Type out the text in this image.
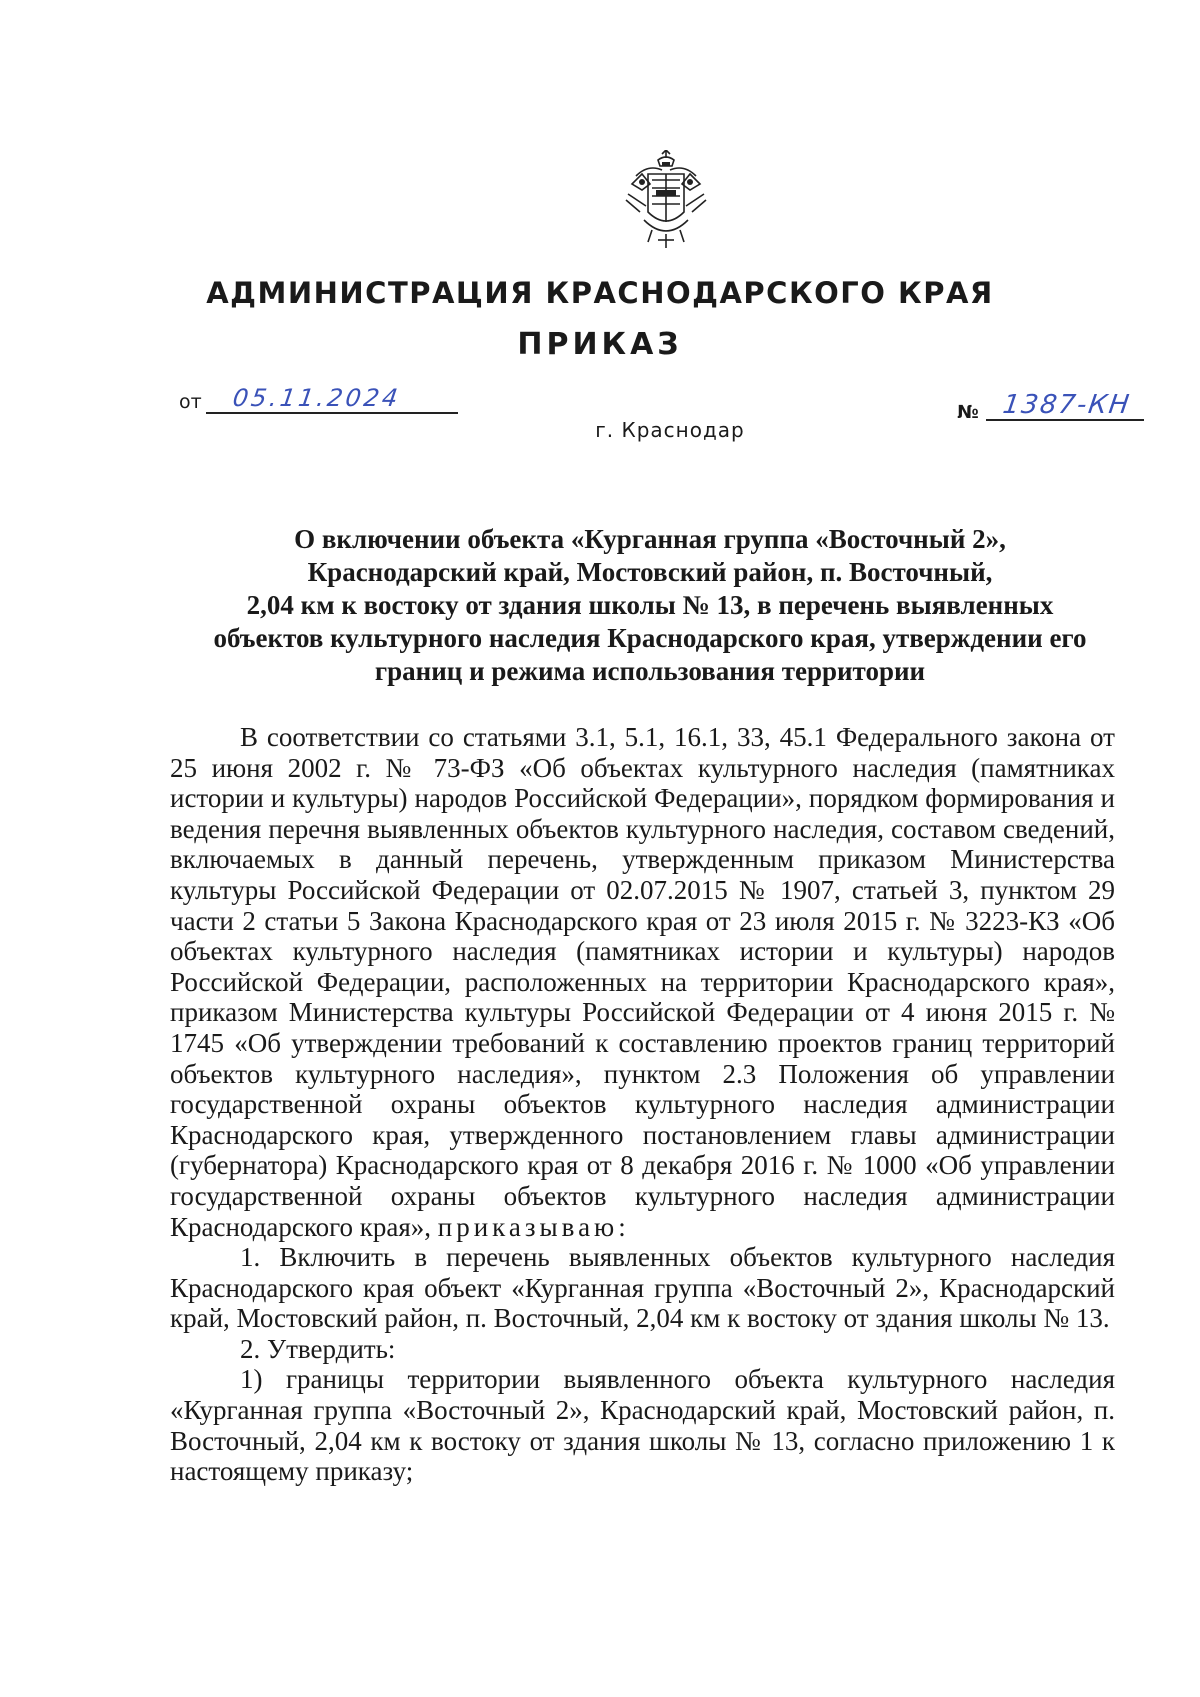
АДМИНИСТРАЦИЯ КРАСНОДАРСКОГО КРАЯ
ПРИКАЗ
от 05.11.2024
г. Краснодар
№ 1387-КН
О включении объекта «Курганная группа «Восточный 2»,
Краснодарский край, Мостовский район, п. Восточный,
2,04 км к востоку от здания школы № 13, в перечень выявленных
объектов культурного наследия Краснодарского края, утверждении его
границ и режима использования территории

В соответствии со статьями 3.1, 5.1, 16.1, 33, 45.1 Федерального закона от 25 июня 2002 г. № 73-ФЗ «Об объектах культурного наследия (памятниках истории и культуры) народов Российской Федерации», порядком формирования и ведения перечня выявленных объектов культурного наследия, составом сведений, включаемых в данный перечень, утвержденным приказом Министерства культуры Российской Федерации от 02.07.2015 № 1907, статьей 3, пунктом 29 части 2 статьи 5 Закона Краснодарского края от 23 июля 2015 г. № 3223-КЗ «Об объектах культурного наследия (памятниках истории и культуры) народов Российской Федерации, расположенных на территории Краснодарского края», приказом Министерства культуры Российской Федерации от 4 июня 2015 г. № 1745 «Об утверждении требований к составлению проектов границ территорий объектов культурного наследия», пунктом 2.3 Положения об управлении государственной охраны объектов культурного наследия администрации Краснодарского края, утвержденного постановлением главы администрации (губернатора) Краснодарского края от 8 декабря 2016 г. № 1000 «Об управлении государственной охраны объектов культурного наследия администрации Краснодарского края», приказываю:

1. Включить в перечень выявленных объектов культурного наследия Краснодарского края объект «Курганная группа «Восточный 2», Краснодарский край, Мостовский район, п. Восточный, 2,04 км к востоку от здания школы № 13.

2. Утвердить:

1) границы территории выявленного объекта культурного наследия «Курганная группа «Восточный 2», Краснодарский край, Мостовский район, п. Восточный, 2,04 км к востоку от здания школы № 13, согласно приложению 1 к настоящему приказу;
